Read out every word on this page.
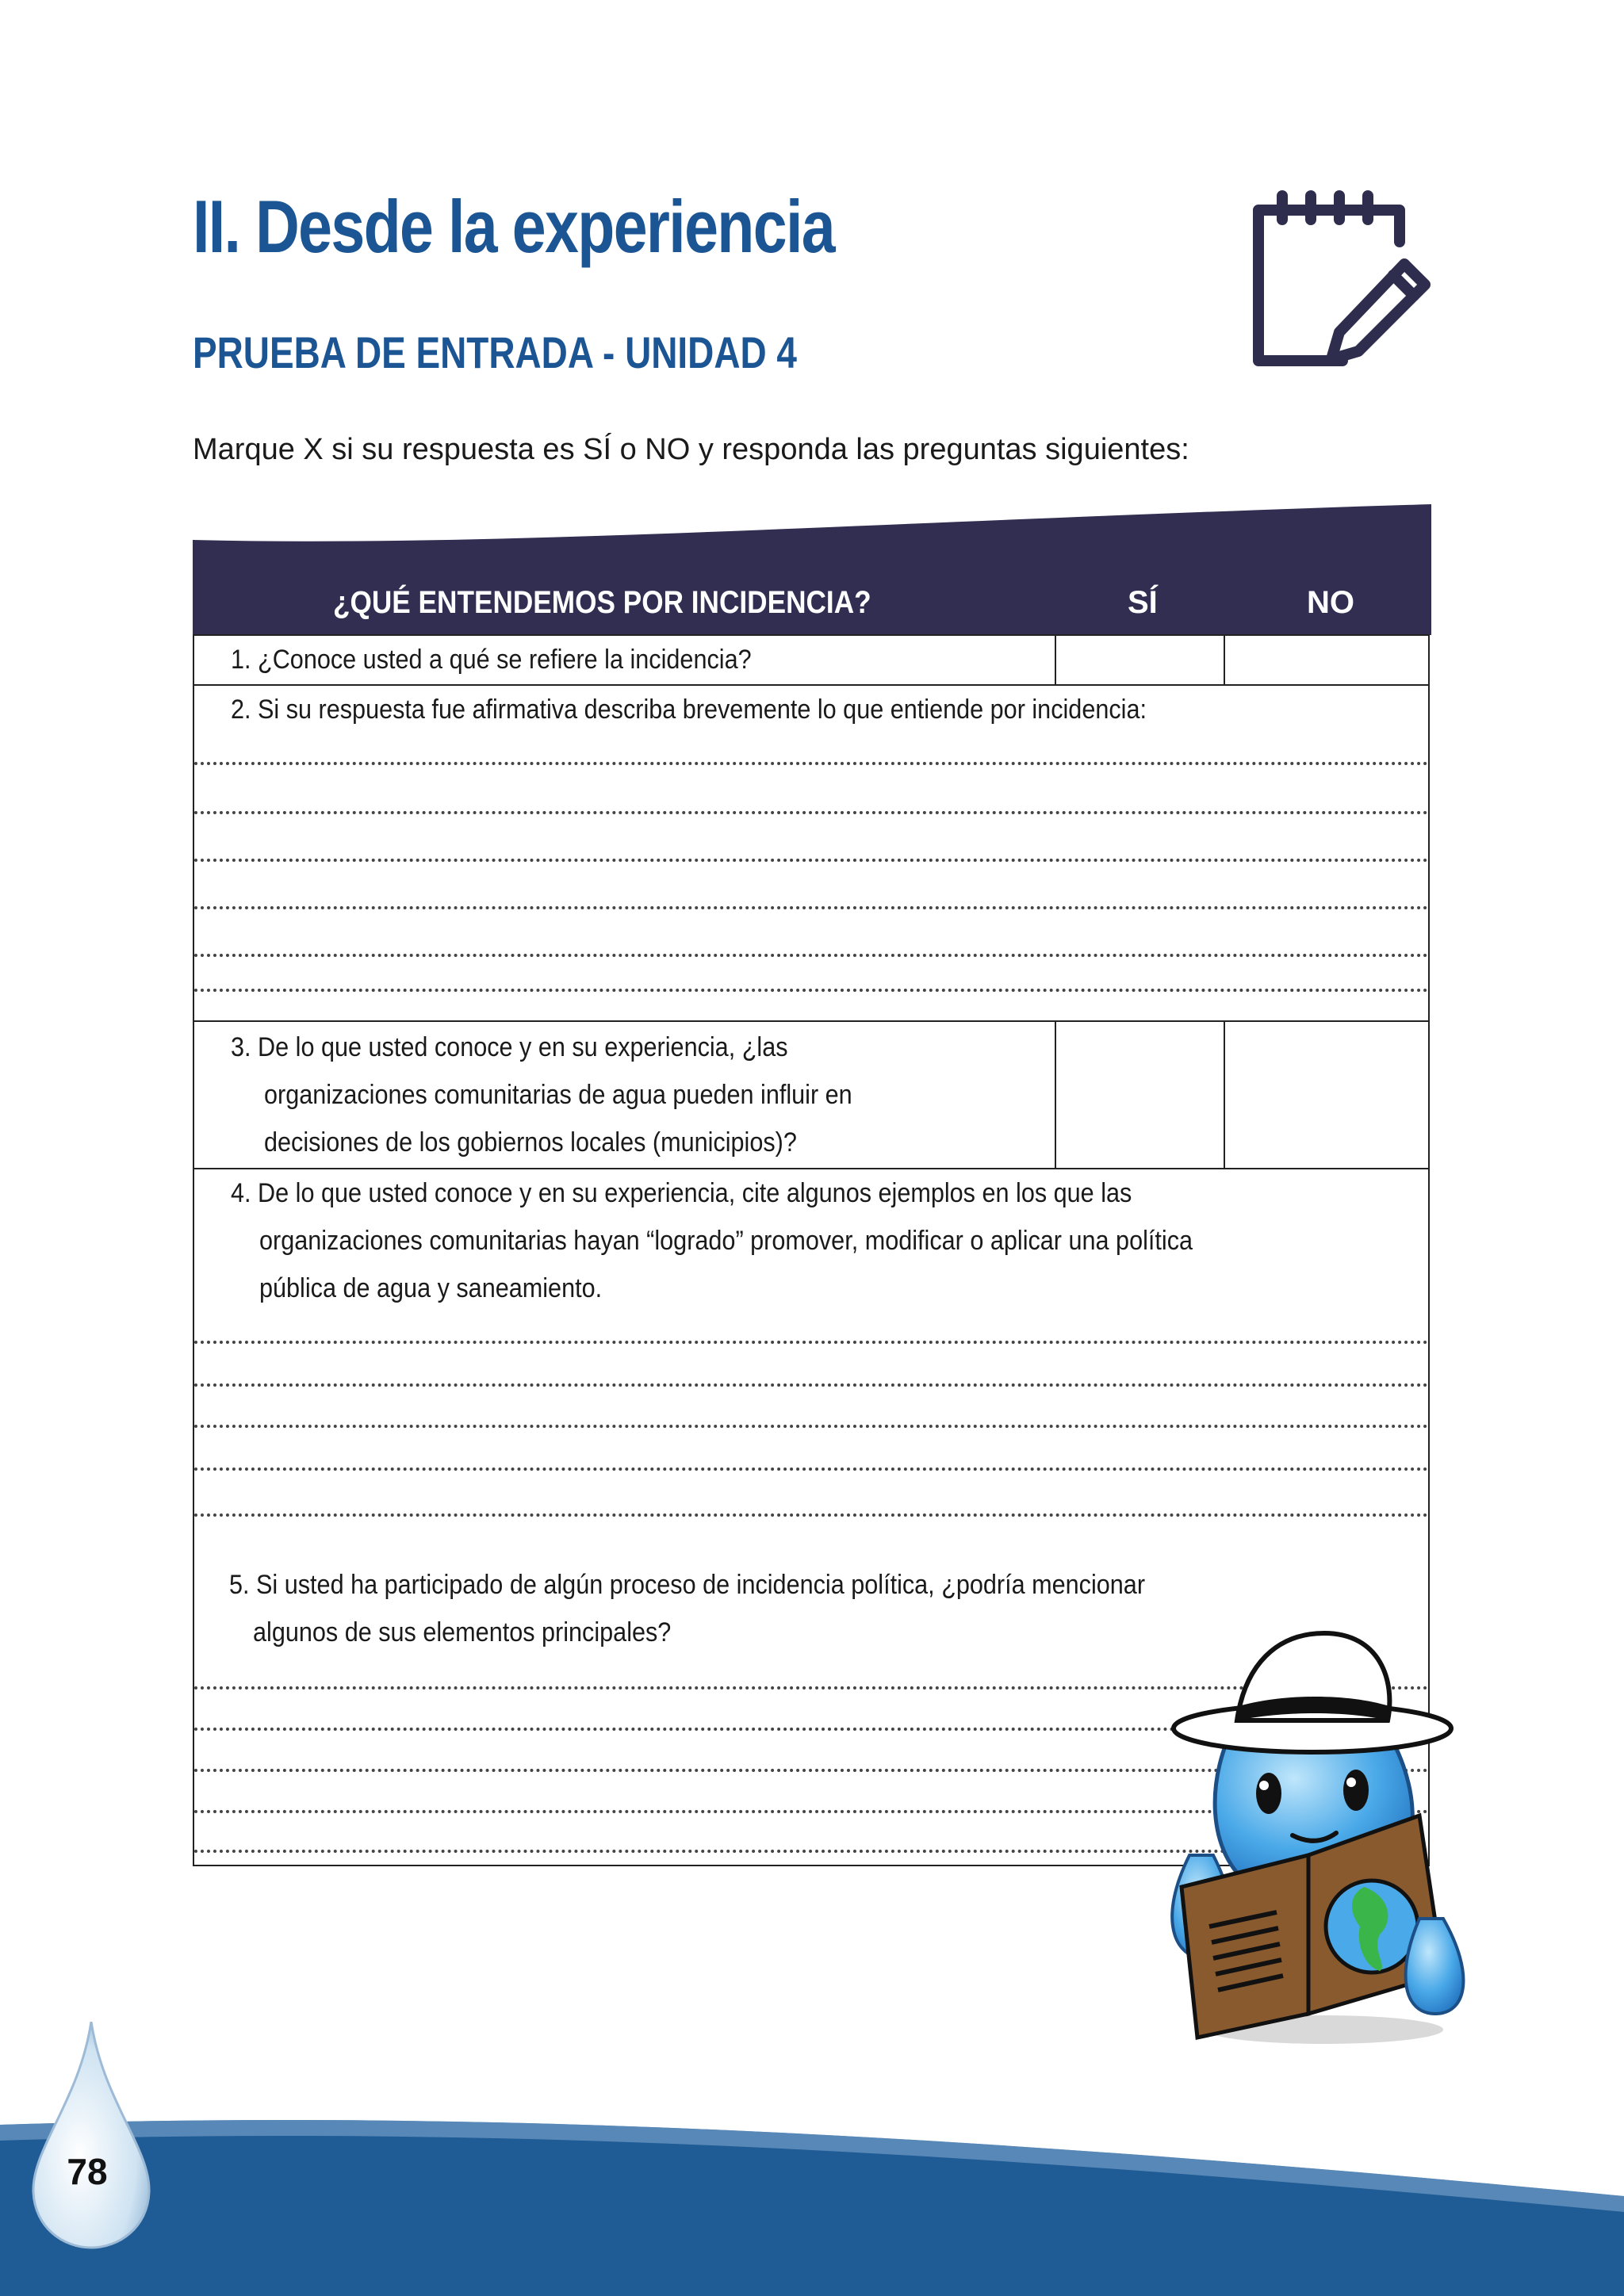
II. Desde la experiencia
PRUEBA DE ENTRADA - UNIDAD 4
Marque X si su respuesta es SÍ o NO y responda las preguntas siguientes:
¿QUÉ ENTENDEMOS POR INCIDENCIA?	SÍ	NO
1. ¿Conoce usted a qué se refiere la incidencia?
2. Si su respuesta fue afirmativa describa brevemente lo que entiende por incidencia:
3. De lo que usted conoce y en su experiencia, ¿las
organizaciones comunitarias de agua pueden influir en
decisiones de los gobiernos locales (municipios)?
4. De lo que usted conoce y en su experiencia, cite algunos ejemplos en los que las
organizaciones comunitarias hayan “logrado” promover, modificar o aplicar una política
pública de agua y saneamiento.
5. Si usted ha participado de algún proceso de incidencia política, ¿podría mencionar
algunos de sus elementos principales?
78
